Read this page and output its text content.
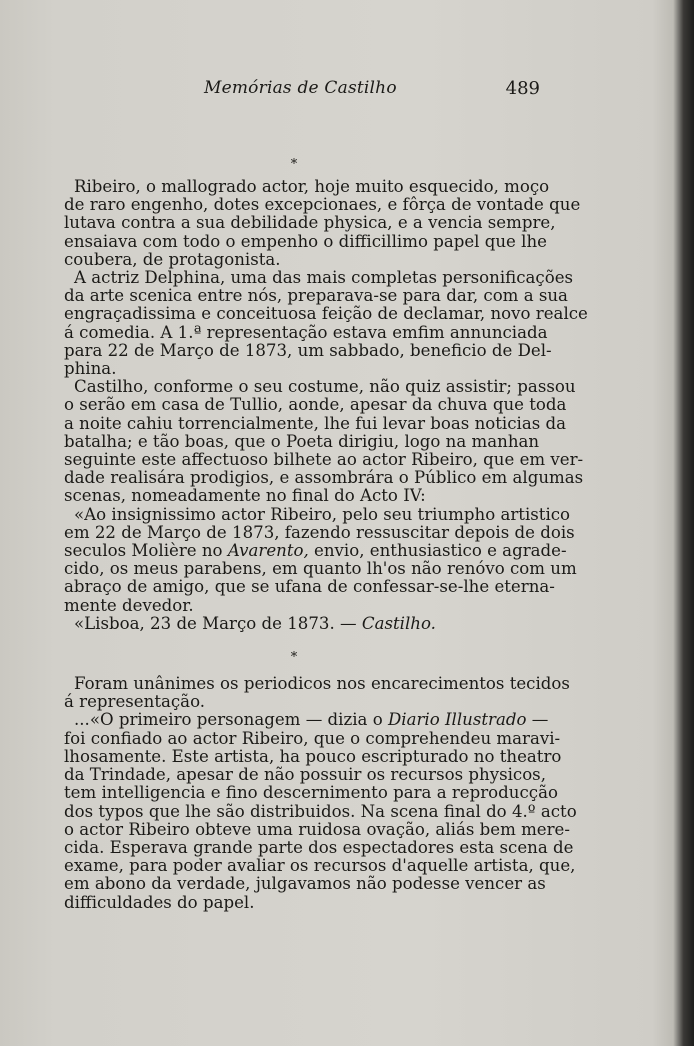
Memórias de Castilho	489
*
Ribeiro, o mallogrado actor, hoje muito esquecido, moço
de raro engenho, dotes excepcionaes, e fôrça de vontade que
lutava contra a sua debilidade physica, e a vencia sempre,
ensaiava com todo o empenho o difficillimo papel que lhe
coubera, de protagonista.
A actriz Delphina, uma das mais completas personificações
da arte scenica entre nós, preparava-se para dar, com a sua
engraçadissima e conceituosa feição de declamar, novo realce
á comedia. A 1.ª representação estava emfim annunciada
para 22 de Março de 1873, um sabbado, beneficio de Del-
phina.
Castilho, conforme o seu costume, não quiz assistir; passou
o serão em casa de Tullio, aonde, apesar da chuva que toda
a noite cahiu torrencialmente, lhe fui levar boas noticias da
batalha; e tão boas, que o Poeta dirigiu, logo na manhan
seguinte este affectuoso bilhete ao actor Ribeiro, que em ver-
dade realisára prodigios, e assombrára o Público em algumas
scenas, nomeadamente no final do Acto IV:
«Ao insignissimo actor Ribeiro, pelo seu triumpho artistico
em 22 de Março de 1873, fazendo ressuscitar depois de dois
seculos Molière no Avarento, envio, enthusiastico e agrade-
cido, os meus parabens, em quanto lh'os não renóvo com um
abraço de amigo, que se ufana de confessar-se-lhe eterna-
mente devedor.
«Lisboa, 23 de Março de 1873. — Castilho.
*
Foram unânimes os periodicos nos encarecimentos tecidos
á representação.
...«O primeiro personagem — dizia o Diario Illustrado —
foi confiado ao actor Ribeiro, que o comprehendeu maravi-
lhosamente. Este artista, ha pouco escripturado no theatro
da Trindade, apesar de não possuir os recursos physicos,
tem intelligencia e fino descernimento para a reproducção
dos typos que lhe são distribuidos. Na scena final do 4.º acto
o actor Ribeiro obteve uma ruidosa ovação, aliás bem mere-
cida. Esperava grande parte dos espectadores esta scena de
exame, para poder avaliar os recursos d'aquelle artista, que,
em abono da verdade, julgavamos não podesse vencer as
difficuldades do papel.
